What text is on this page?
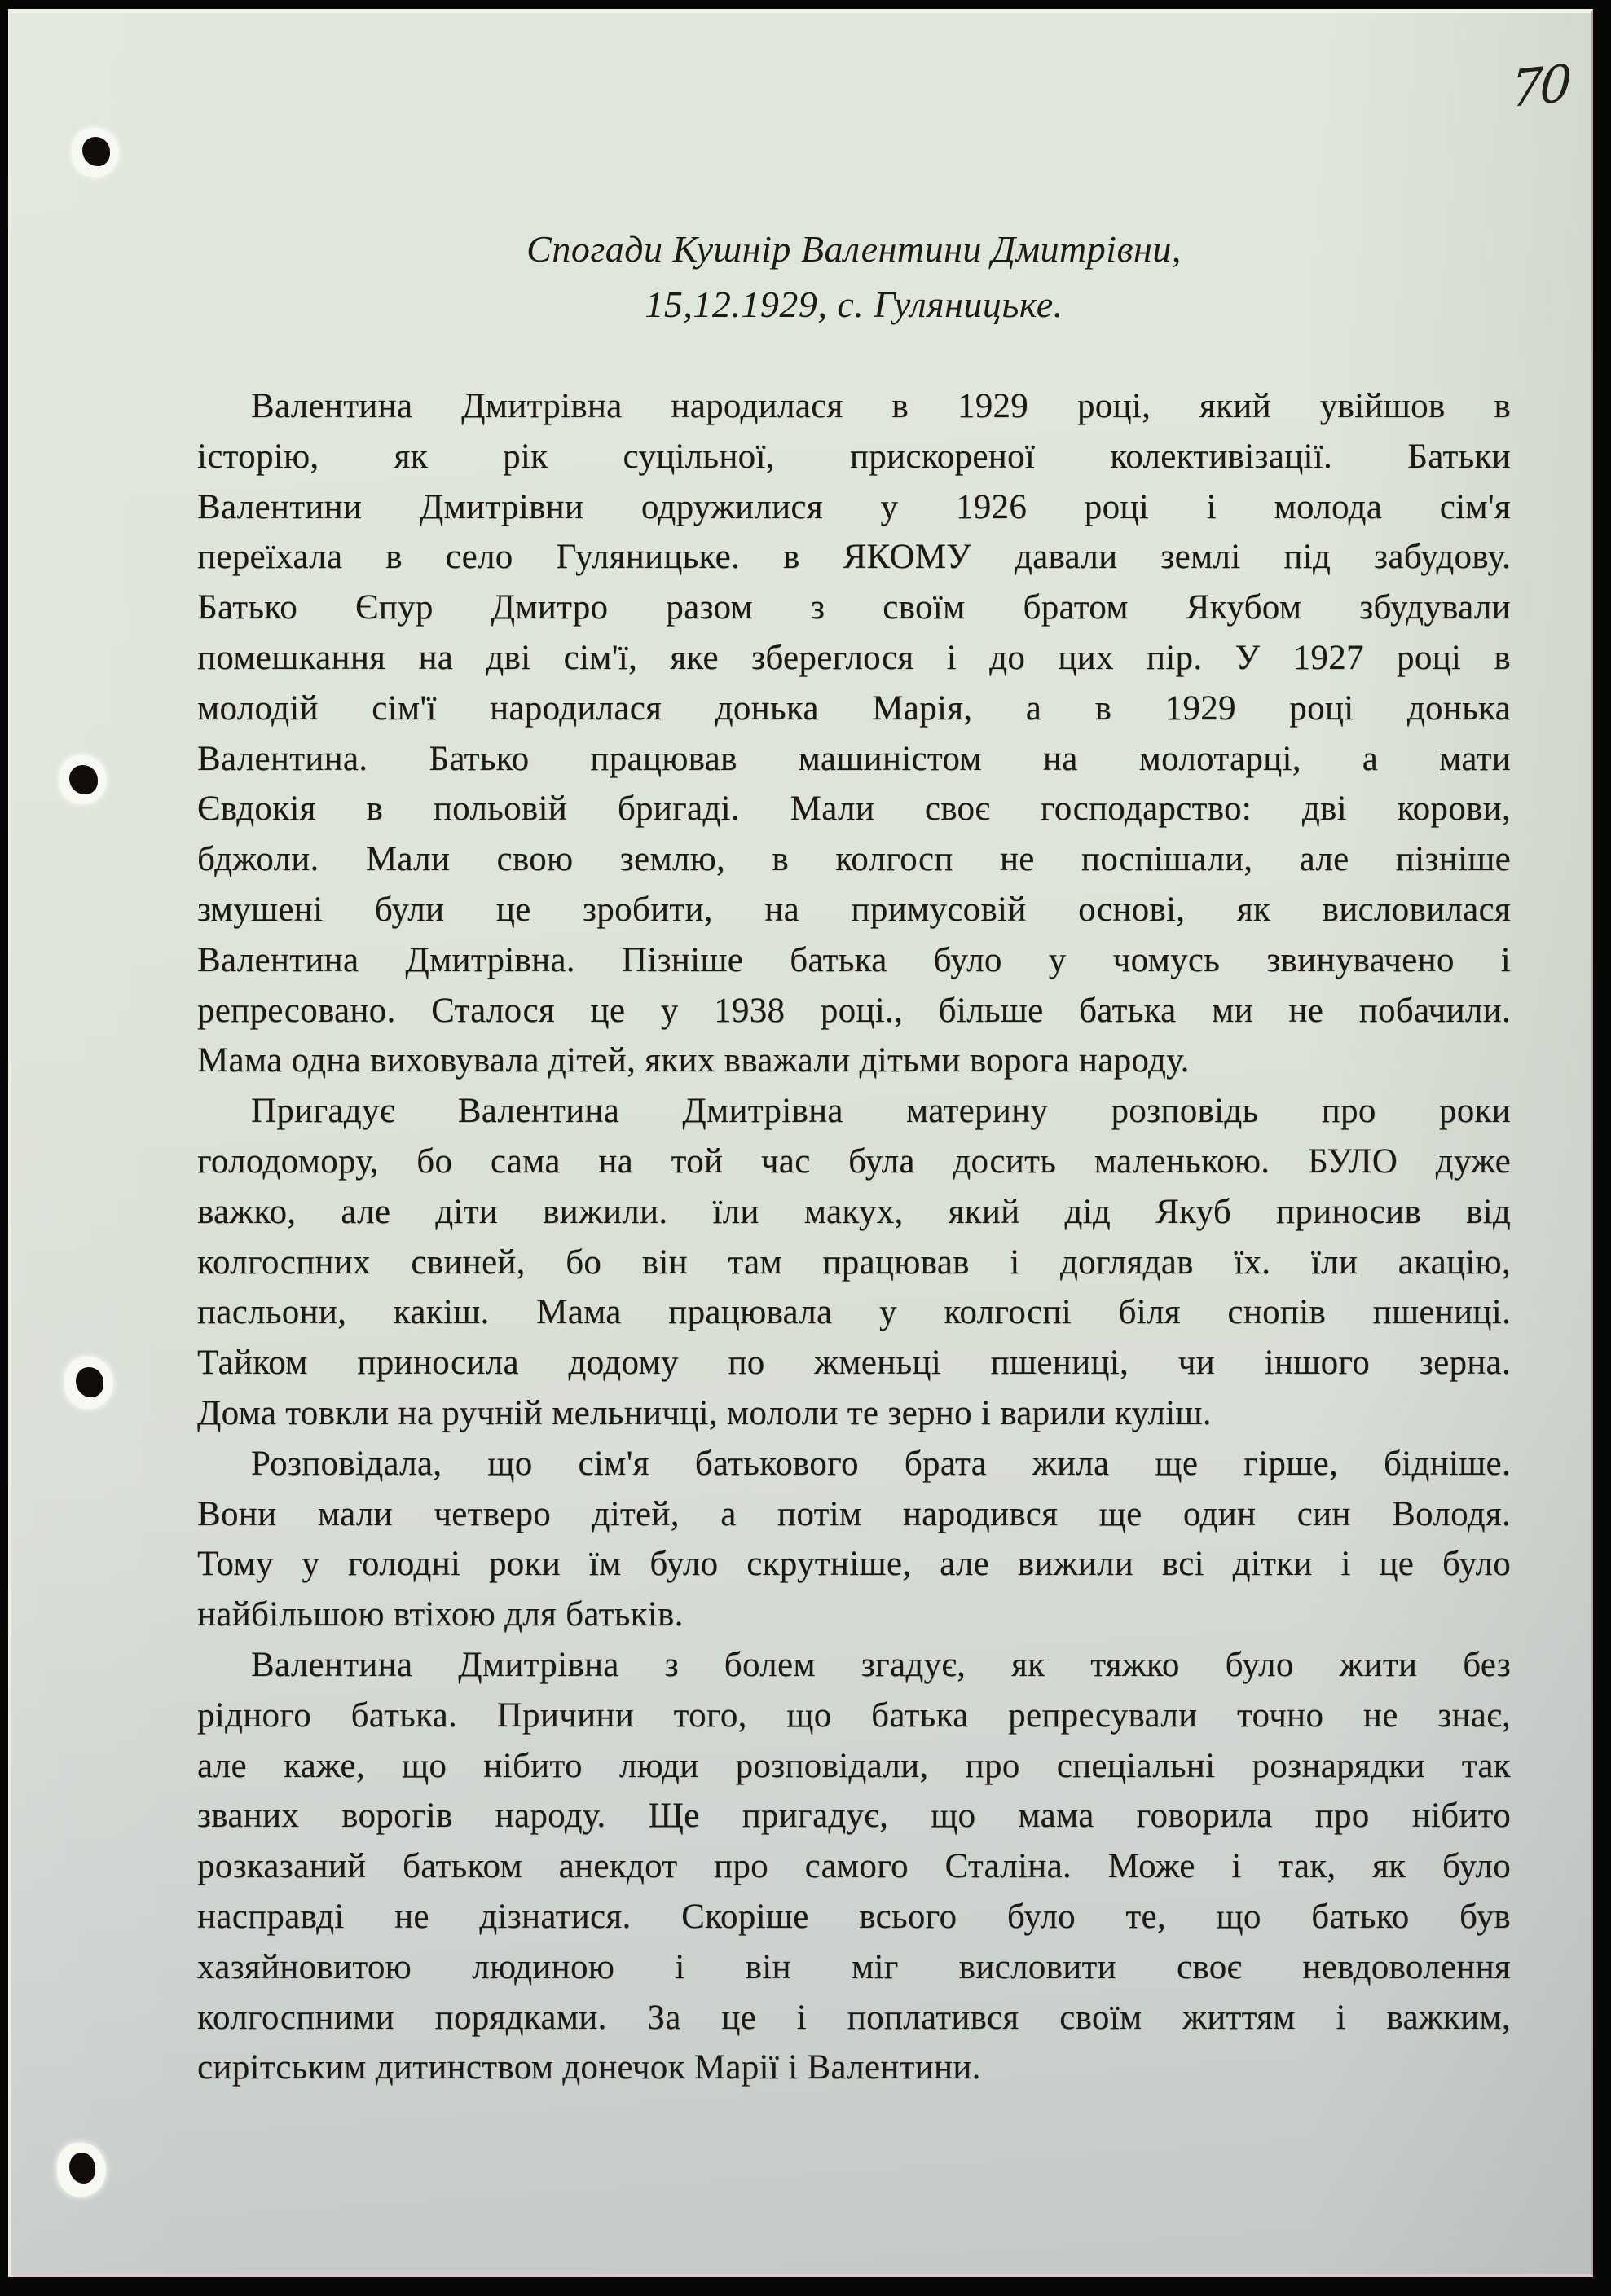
70
Спогади Кушнір Валентини Дмитрівни,
15,12.1929, с. Гуляницьке.
Валентина Дмитрівна народилася в 1929 році, який увійшов в
історію, як рік суцільної, прискореної колективізації. Батьки
Валентини Дмитрівни одружилися у 1926 році і молода сім'я
переїхала в село Гуляницьке. в ЯКОМУ давали землі під забудову.
Батько Єпур Дмитро разом з своїм братом Якубом збудували
помешкання на дві сім'ї, яке збереглося і до цих пір. У 1927 році в
молодій сім'ї народилася донька Марія, а в 1929 році донька
Валентина. Батько працював машиністом на молотарці, а мати
Євдокія в польовій бригаді. Мали своє господарство: дві корови,
бджоли. Мали свою землю, в колгосп не поспішали, але пізніше
змушені були це зробити, на примусовій основі, як висловилася
Валентина Дмитрівна. Пізніше батька було у чомусь звинувачено і
репресовано. Сталося це у 1938 році., більше батька ми не побачили.
Мама одна виховувала дітей, яких вважали дітьми ворога народу.
Пригадує Валентина Дмитрівна материну розповідь про роки
голодомору, бо сама на той час була досить маленькою. БУЛО дуже
важко, але діти вижили. їли макух, який дід Якуб приносив від
колгоспних свиней, бо він там працював і доглядав їх. їли акацію,
пасльони, какіш. Мама працювала у колгоспі біля снопів пшениці.
Тайком приносила додому по жменьці пшениці, чи іншого зерна.
Дома товкли на ручній мельничці, мололи те зерно і варили куліш.
Розповідала, що сім'я батькового брата жила ще гірше, бідніше.
Вони мали четверо дітей, а потім народився ще один син Володя.
Тому у голодні роки їм було скрутніше, але вижили всі дітки і це було
найбільшою втіхою для батьків.
Валентина Дмитрівна з болем згадує, як тяжко було жити без
рідного батька. Причини того, що батька репресували точно не знає,
але каже, що нібито люди розповідали, про спеціальні рознарядки так
званих ворогів народу. Ще пригадує, що мама говорила про нібито
розказаний батьком анекдот про самого Сталіна. Може і так, як було
насправді не дізнатися. Скоріше всього було те, що батько був
хазяйновитою людиною і він міг висловити своє невдоволення
колгоспними порядками. За це і поплатився своїм життям і важким,
сирітським дитинством донечок Марії і Валентини.
